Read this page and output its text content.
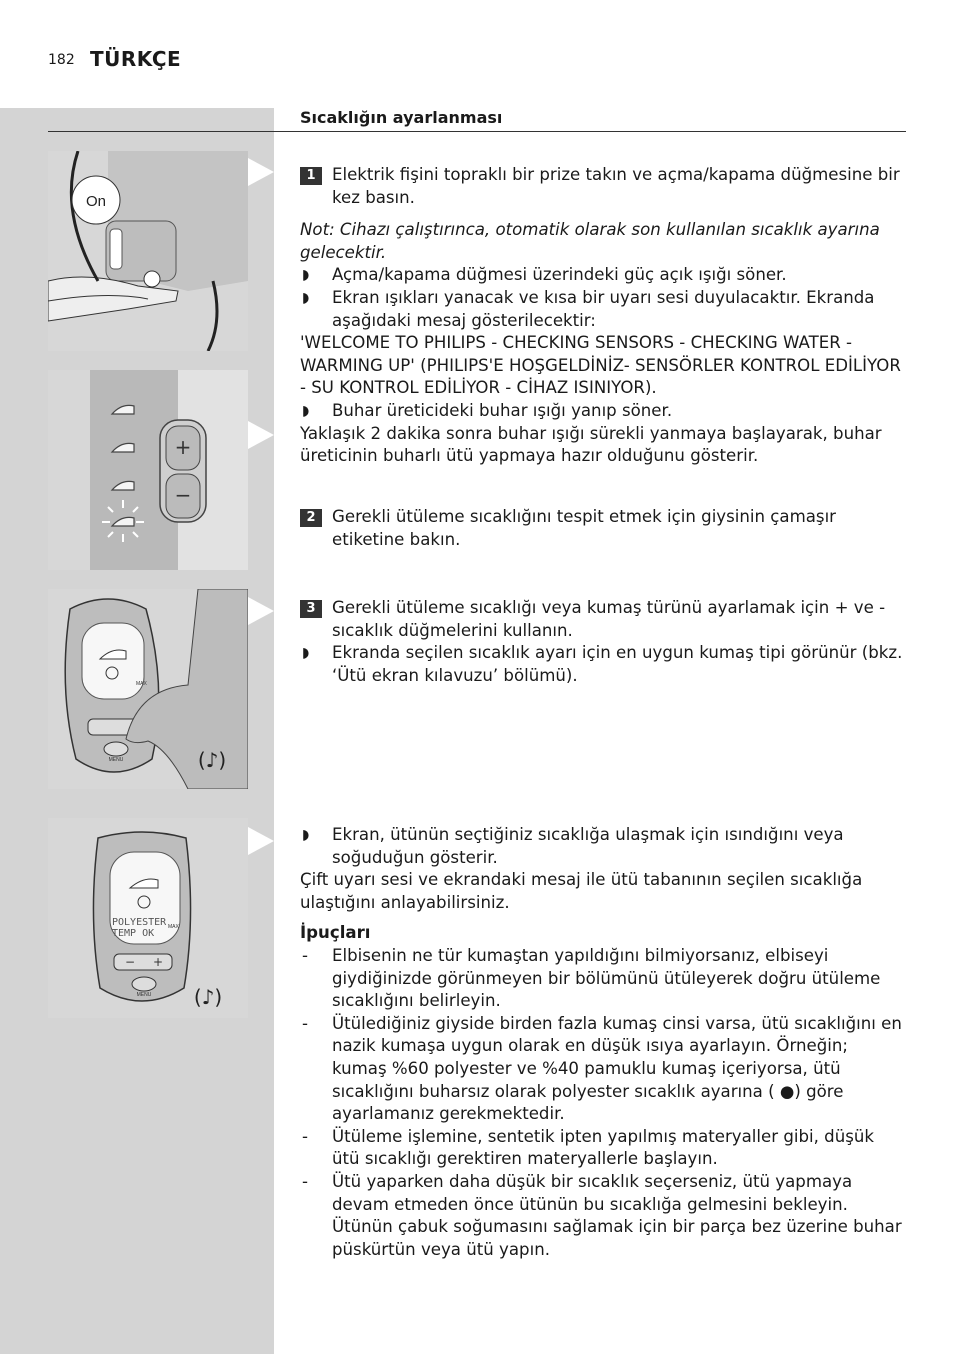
182 TÜRKÇE
Sıcaklığın ayarlanması
On
+
−
MAX
MENU	(♪)
MAX
POLYESTER
TEMP OK
− +
MENU (♪)

1 Elektrik fişini topraklı bir prize takın ve açma/kapama düğmesine bir kez basın.

Not: Cihazı çalıştırınca, otomatik olarak son kullanılan sıcaklık ayarına gelecektir.

◗ Açma/kapama düğmesi üzerindeki güç açık ışığı söner.

◗ Ekran ışıkları yanacak ve kısa bir uyarı sesi duyulacaktır. Ekranda aşağıdaki mesaj gösterilecektir:

'WELCOME TO PHILIPS - CHECKING SENSORS - CHECKING WATER - WARMING UP' (PHILIPS'E HOŞGELDİNİZ- SENSÖRLER KONTROL EDİLİYOR - SU KONTROL EDİLİYOR - CİHAZ ISINIYOR).

◗ Buhar üreticideki buhar ışığı yanıp söner.

Yaklaşık 2 dakika sonra buhar ışığı sürekli yanmaya başlayarak, buhar üreticinin buharlı ütü yapmaya hazır olduğunu gösterir.

2 Gerekli ütüleme sıcaklığını tespit etmek için giysinin çamaşır etiketine bakın.

3 Gerekli ütüleme sıcaklığı veya kumaş türünü ayarlamak için + ve - sıcaklık düğmelerini kullanın.

◗ Ekranda seçilen sıcaklık ayarı için en uygun kumaş tipi görünür (bkz. ‘Ütü ekran kılavuzu’ bölümü).

◗ Ekran, ütünün seçtiğiniz sıcaklığa ulaşmak için ısındığını veya soğuduğun gösterir.

Çift uyarı sesi ve ekrandaki mesaj ile ütü tabanının seçilen sıcaklığa ulaştığını anlayabilirsiniz.

İpuçları

- Elbisenin ne tür kumaştan yapıldığını bilmiyorsanız, elbiseyi giydiğinizde görünmeyen bir bölümünü ütüleyerek doğru ütüleme sıcaklığını belirleyin.

- Ütülediğiniz giyside birden fazla kumaş cinsi varsa, ütü sıcaklığını en nazik kumaşa uygun olarak en düşük ısıya ayarlayın. Örneğin; kumaş %60 polyester ve %40 pamuklu kumaş içeriyorsa, ütü sıcaklığını buharsız olarak polyester sıcaklık ayarına ( ●) göre ayarlamanız gerekmektedir.

- Ütüleme işlemine, sentetik ipten yapılmış materyaller gibi, düşük ütü sıcaklığı gerektiren materyallerle başlayın.

- Ütü yaparken daha düşük bir sıcaklık seçerseniz, ütü yapmaya devam etmeden önce ütünün bu sıcaklığa gelmesini bekleyin. Ütünün çabuk soğumasını sağlamak için bir parça bez üzerine buhar püskürtün veya ütü yapın.
